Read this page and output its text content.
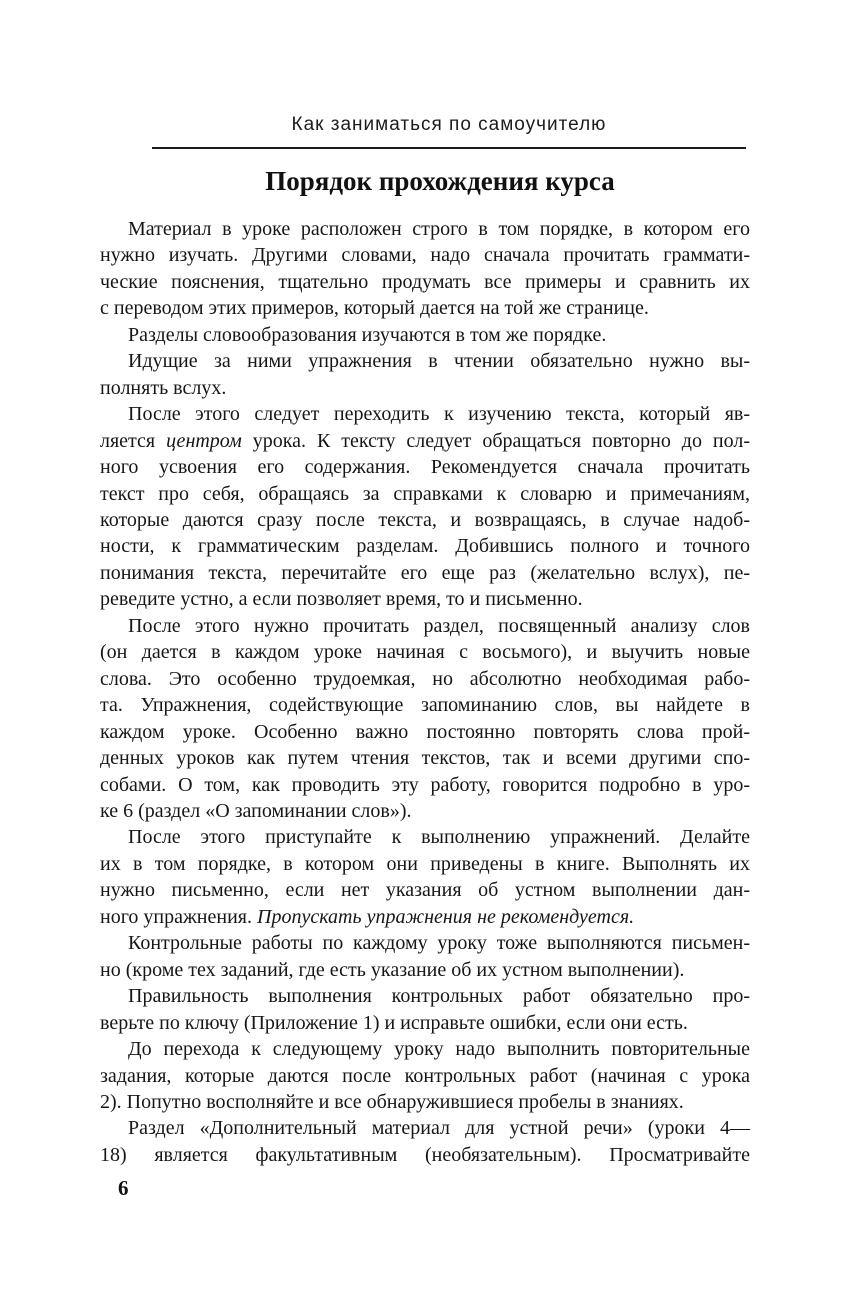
Как заниматься по самоучителю
Порядок прохождения курса
Материал в уроке расположен строго в том порядке, в котором его
нужно изучать. Другими словами, надо сначала прочитать граммати-
ческие пояснения, тщательно продумать все примеры и сравнить их
с переводом этих примеров, который дается на той же странице.
Разделы словообразования изучаются в том же порядке.
Идущие за ними упражнения в чтении обязательно нужно вы-
полнять вслух.
После этого следует переходить к изучению текста, который яв-
ляется центром урока. К тексту следует обращаться повторно до пол-
ного усвоения его содержания. Рекомендуется сначала прочитать
текст про себя, обращаясь за справками к словарю и примечаниям,
которые даются сразу после текста, и возвращаясь, в случае надоб-
ности, к грамматическим разделам. Добившись полного и точного
понимания текста, перечитайте его еще раз (желательно вслух), пе-
реведите устно, а если позволяет время, то и письменно.
После этого нужно прочитать раздел, посвященный анализу слов
(он дается в каждом уроке начиная с восьмого), и выучить новые
слова. Это особенно трудоемкая, но абсолютно необходимая рабо-
та. Упражнения, содействующие запоминанию слов, вы найдете в
каждом уроке. Особенно важно постоянно повторять слова прой-
денных уроков как путем чтения текстов, так и всеми другими спо-
собами. О том, как проводить эту работу, говорится подробно в уро-
ке 6 (раздел «О запоминании слов»).
После этого приступайте к выполнению упражнений. Делайте
их в том порядке, в котором они приведены в книге. Выполнять их
нужно письменно, если нет указания об устном выполнении дан-
ного упражнения. Пропускать упражнения не рекомендуется.
Контрольные работы по каждому уроку тоже выполняются письмен-
но (кроме тех заданий, где есть указание об их устном выполнении).
Правильность выполнения контрольных работ обязательно про-
верьте по ключу (Приложение 1) и исправьте ошибки, если они есть.
До перехода к следующему уроку надо выполнить повторительные
задания, которые даются после контрольных работ (начиная с урока
2). Попутно восполняйте и все обнаружившиеся пробелы в знаниях.
Раздел «Дополнительный материал для устной речи» (уроки 4—
18) является факультативным (необязательным). Просматривайте
6
